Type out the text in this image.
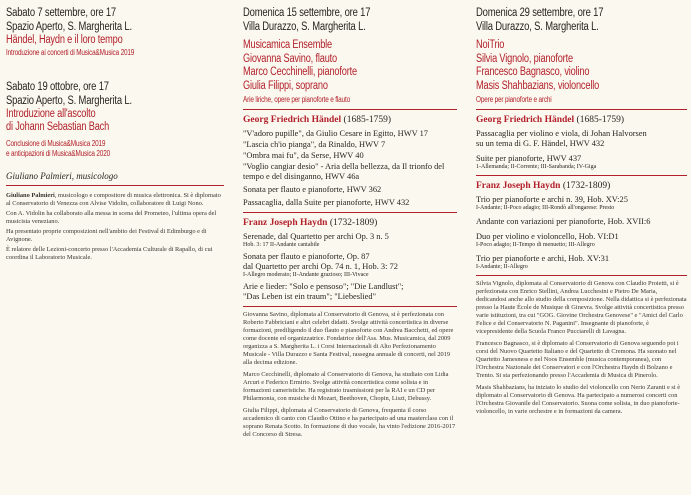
Sabato 7 settembre, ore 17
Spazio Aperto, S. Margherita L.
Händel, Haydn e il loro tempo
Introduzione ai concerti di Musica&Musica 2019
Sabato 19 ottobre, ore 17
Spazio Aperto, S. Margherita L.
Introduzione all'ascolto
di Johann Sebastian Bach
Conclusione di Musica&Musica 2019
e anticipazioni di Musica&Musica 2020
Giuliano Palmieri, musicologo

Giuliano Palmieri, musicologo e compositore di musica elettronica. Si è diplomato al Conservatorio di Venezza con Alvise Vidolin, collaboratore di Luigi Nono.

Con A. Vidolin ha collaborato alla messa in scena del Prometeo, l'ultima opera del musicista veneziano.

Ha presentato proprie composizioni nell'ambito dei Festival di Edimburgo e di Avignone.

È relatore delle Lezioni-concerto presso l'Accademia Culturale di Rapallo, di cui coordina il Laboratorio Musicale.

Domenica 15 settembre, ore 17
Villa Durazzo, S. Margherita L.
Musicamica Ensemble
Giovanna Savino, flauto
Marco Cecchinelli, pianoforte
Giulia Filippi, soprano
Arie liriche, opere per pianoforte e flauto
Georg Friedrich Händel (1685-1759)
"V'adoro pupille", da Giulio Cesare in Egitto, HWV 17
"Lascia ch'io pianga", da Rinaldo, HWV 7
"Ombra mai fu", da Serse, HWV 40
"Voglio cangiar desio" - Aria della bellezza, da Il trionfo del tempo e del disinganno, HWV 46a
Sonata per flauto e pianoforte, HWV 362
Passacaglia, dalla Suite per pianoforte, HWV 432
Franz Joseph Haydn (1732-1809)
Serenade, dal Quartetto per archi Op. 3 n. 5
Hob. 3: 17 II-Andante cantabile
Sonata per flauto e pianoforte, Op. 87
dal Quartetto per archi Op. 74 n. 1, Hob. 3: 72
I-Allegro moderato; II-Andante grazioso; III-Vivace
Arie e lieder: "Solo e pensoso"; "Die Landlust";
"Das Leben ist ein traum"; "Liebeslied"

Giovanna Savino, diplomata al Conservatorio di Genova, si è perfezionata con Roberto Fabbriciani e altri celebri didatti. Svolge attività concertistica in diverse formazioni, prediligendo il duo flauto e pianoforte con Andrea Bacchetti, ed opere come docente ed organizzatrice. Fondatrice dell'Ass. Mus. Musicamica, dal 2009 organizza a S. Margherita L. i Corsi Internazionali di Alto Perfezionamento Musicale - Villa Durazzo e Santa Festival, rassegna annuale di concerti, nel 2019 alla decima edizione.

Marco Cecchinelli, diplomato al Conservatorio di Genova, ha studiato con Lidia Arcuri e Federico Ermirio. Svolge attività concertistica come solista e in formazioni cameristiche. Ha registrato trasmissioni per la RAI e un CD per Philarmonia, con musiche di Mozart, Beethoven, Chopin, Liszt, Debussy.

Giulia Filippi, diplomata al Conservatorio di Genova, frequenta il corso accademico di canto con Claudio Ottino e ha partecipato ad una masterclass con il soprano Renata Scotto. In formazione di duo vocale, ha vinto l'edizione 2016-2017 del Concorso di Stresa.

Domenica 29 settembre, ore 17
Villa Durazzo, S. Margherita L.
NoiTrio
Silvia Vignolo, pianoforte
Francesco Bagnasco, violino
Masis Shahbazians, violoncello
Opere per pianoforte e archi
Georg Friedrich Händel (1685-1759)
Passacaglia per violino e viola, di Johan Halvorsen
su un tema di G. F. Händel, HWV 432
Suite per pianoforte, HWV 437
1-Allemanda; II-Corrente; III-Sarabanda; IV-Giga
Franz Joseph Haydn (1732-1809)
Trio per pianoforte e archi n. 39, Hob. XV:25
I-Andante; II-Poco adagio; III-Rondò all'ongarese: Presto
Andante con variazioni per pianoforte, Hob. XVII:6
Duo per violino e violoncello, Hob. VI:D1
I-Poco adagio; II-Tempo di menuetto; III-Allegro
Trio per pianoforte e archi, Hob. XV:31
I-Andante; II-Allegro

Silvia Vignolo, diplomata al Conservatorio di Genova con Claudio Proietti, si è perfezionata con Enrico Stellini, Andrea Lucchesini e Pietro De Maria, dedicandosi anche allo studio della composizione. Nella didattica si è perfezionata presso la Haute École de Musique di Ginevra. Svolge attività concertistica presso varie istituzioni, tra cui "GOG. Giovine Orchestra Genovese" e "Amici del Carlo Felice e del Conservatorio N. Paganini". Insegnante di pianoforte, è vicepresidente della Scuola Franco Pucciarelli di Lavagna.

Francesco Bagnasco, si è diplomato al Conservatorio di Genova seguendo poi i corsi del Nuovo Quartetto Italiano e del Quartetto di Cremona. Ha suonato nel Quartetto Jamesness e nel Noos Ensemble (musica contemporanea), con l'Orchestra Nazionale dei Conservatori e con l'Orchestra Haydn di Bolzano e Trento. Si sta perfezionando presso l'Accademia di Musica di Pinerolo.

Masis Shahbazians, ha iniziato lo studio del violoncello con Nerio Zaranti e si è diplomato al Conservatorio di Genova. Ha partecipato a numerosi concerti con l'Orchestra Giovanile del Conservatorio. Suona come solista, in duo pianoforte-violoncello, in varie orchestre e in formazioni da camera.
